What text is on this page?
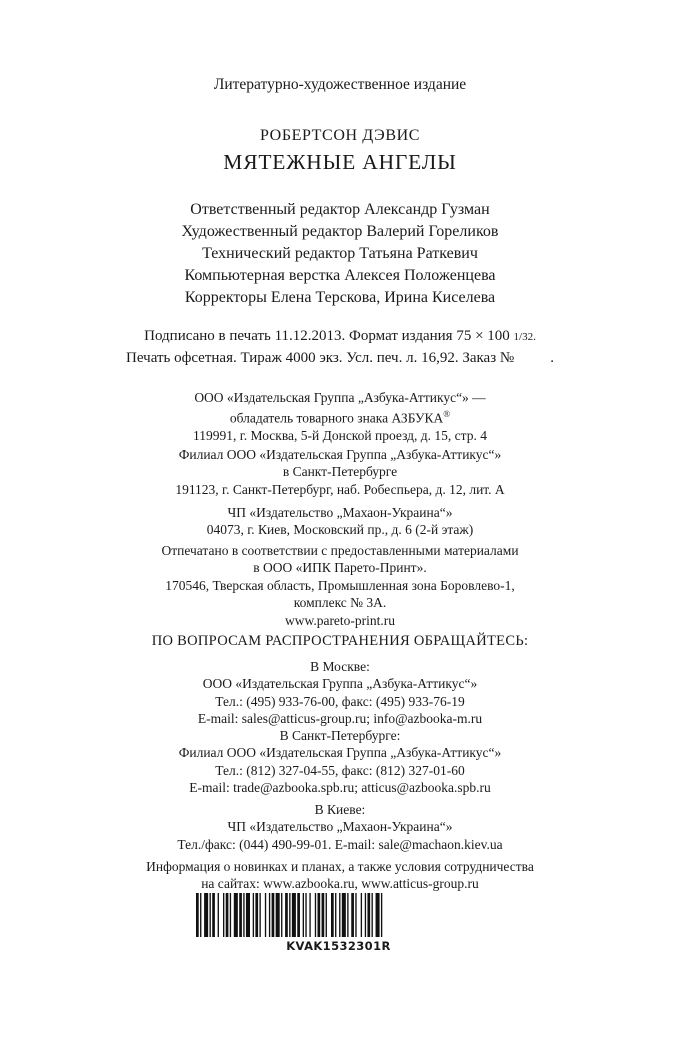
Литературно-художественное издание
РОБЕРТСОН ДЭВИС
МЯТЕЖНЫЕ АНГЕЛЫ
Ответственный редактор Александр Гузман
Художественный редактор Валерий Гореликов
Технический редактор Татьяна Раткевич
Компьютерная верстка Алексея Положенцева
Корректоры Елена Терскова, Ирина Киселева
Подписано в печать 11.12.2013. Формат издания 75 × 100 1/32.
Печать офсетная. Тираж 4000 экз. Усл. печ. л. 16,92. Заказ № .
ООО «Издательская Группа „Азбука-Аттикус“» —
обладатель товарного знака АЗБУКА®
119991, г. Москва, 5-й Донской проезд, д. 15, стр. 4
Филиал ООО «Издательская Группа „Азбука-Аттикус“»
в Санкт-Петербурге
191123, г. Санкт-Петербург, наб. Робеспьера, д. 12, лит. А
ЧП «Издательство „Махаон-Украина“»
04073, г. Киев, Московский пр., д. 6 (2-й этаж)
Отпечатано в соответствии с предоставленными материалами
в ООО «ИПК Парето-Принт».
170546, Тверская область, Промышленная зона Боровлево-1,
комплекс № 3А.
www.pareto-print.ru
ПО ВОПРОСАМ РАСПРОСТРАНЕНИЯ ОБРАЩАЙТЕСЬ:
В Москве:
ООО «Издательская Группа „Азбука-Аттикус“»
Тел.: (495) 933-76-00, факс: (495) 933-76-19
E-mail: sales@atticus-group.ru; info@azbooka-m.ru
В Санкт-Петербурге:
Филиал ООО «Издательская Группа „Азбука-Аттикус“»
Тел.: (812) 327-04-55, факс: (812) 327-01-60
E-mail: trade@azbooka.spb.ru; atticus@azbooka.spb.ru
В Киеве:
ЧП «Издательство „Махаон-Украина“»
Тел./факс: (044) 490-99-01. E-mail: sale@machaon.kiev.ua
Информация о новинках и планах, а также условия сотрудничества
на сайтах: www.azbooka.ru, www.atticus-group.ru
KVAK1532301R
